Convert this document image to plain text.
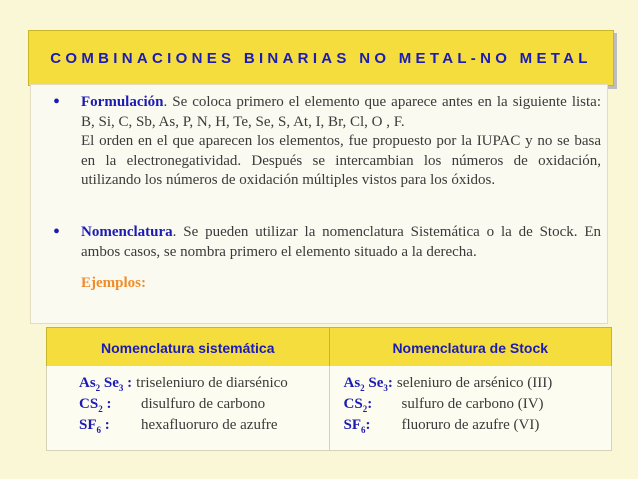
COMBINACIONES BINARIAS NO METAL-NO METAL
• Formulación. Se coloca primero el elemento que aparece antes en la siguiente lista: B, Si, C, Sb, As, P, N, H, Te, Se, S, At, I, Br, Cl, O , F.
El orden en el que aparecen los elementos, fue propuesto por la IUPAC y no se basa en la electronegatividad. Después se intercambian los números de oxidación, utilizando los números de oxidación múltiples vistos para los óxidos.
• Nomenclatura. Se pueden utilizar la nomenclatura Sistemática o la de Stock. En ambos casos, se nombra primero el elemento situado a la derecha.
Ejemplos:
Nomenclatura sistemática	Nomenclatura de Stock
$As_2$ $Se_3$ : triseleniuro de diarsénico
$CS_2$ :	disulfuro de carbono
$SF_6$ :	hexafluoruro de azufre
$As_2$ $Se_3$: seleniuro de arsénico (III)
$CS_2$:	sulfuro de carbono (IV)
$SF_6$:	fluoruro de azufre (VI)
